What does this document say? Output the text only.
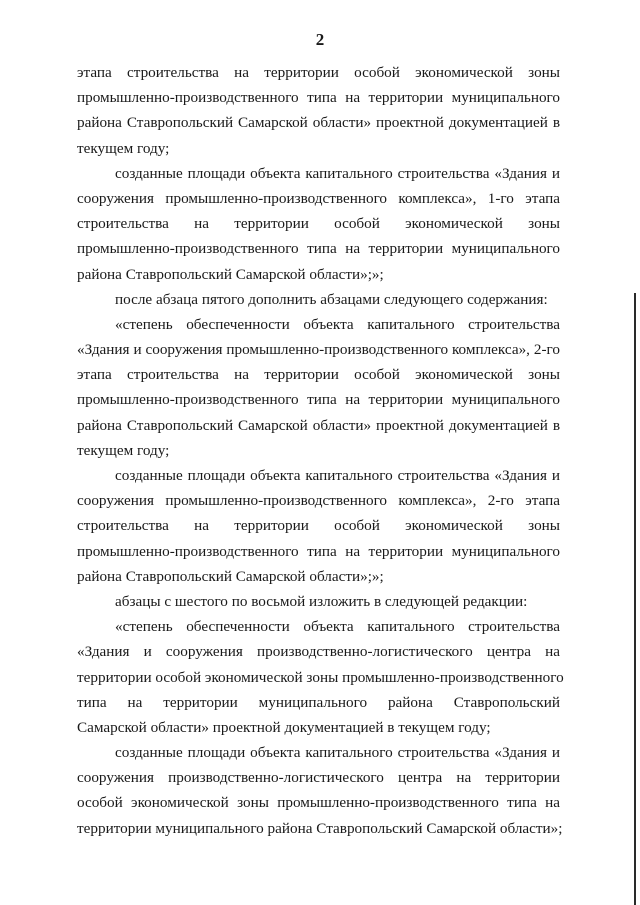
2
этапа строительства на территории особой экономической зоны
промышленно-производственного типа на территории муниципального
района Ставропольский Самарской области» проектной документацией в
текущем году;
созданные площади объекта капитального строительства «Здания и
сооружения промышленно-производственного комплекса», 1-го этапа
строительства на территории особой экономической зоны
промышленно-производственного типа на территории муниципального
района Ставропольский Самарской области»;»;
после абзаца пятого дополнить абзацами следующего содержания:
«степень обеспеченности объекта капитального строительства
«Здания и сооружения промышленно-производственного комплекса», 2-го
этапа строительства на территории особой экономической зоны
промышленно-производственного типа на территории муниципального
района Ставропольский Самарской области» проектной документацией в
текущем году;
созданные площади объекта капитального строительства «Здания и
сооружения промышленно-производственного комплекса», 2-го этапа
строительства на территории особой экономической зоны
промышленно-производственного типа на территории муниципального
района Ставропольский Самарской области»;»;
абзацы с шестого по восьмой изложить в следующей редакции:
«степень обеспеченности объекта капитального строительства
«Здания и сооружения производственно-логистического центра на
территории особой экономической зоны промышленно-производственного
типа на территории муниципального района Ставропольский
Самарской области» проектной документацией в текущем году;
созданные площади объекта капитального строительства «Здания и
сооружения производственно-логистического центра на территории
особой экономической зоны промышленно-производственного типа на
территории муниципального района Ставропольский Самарской области»;
